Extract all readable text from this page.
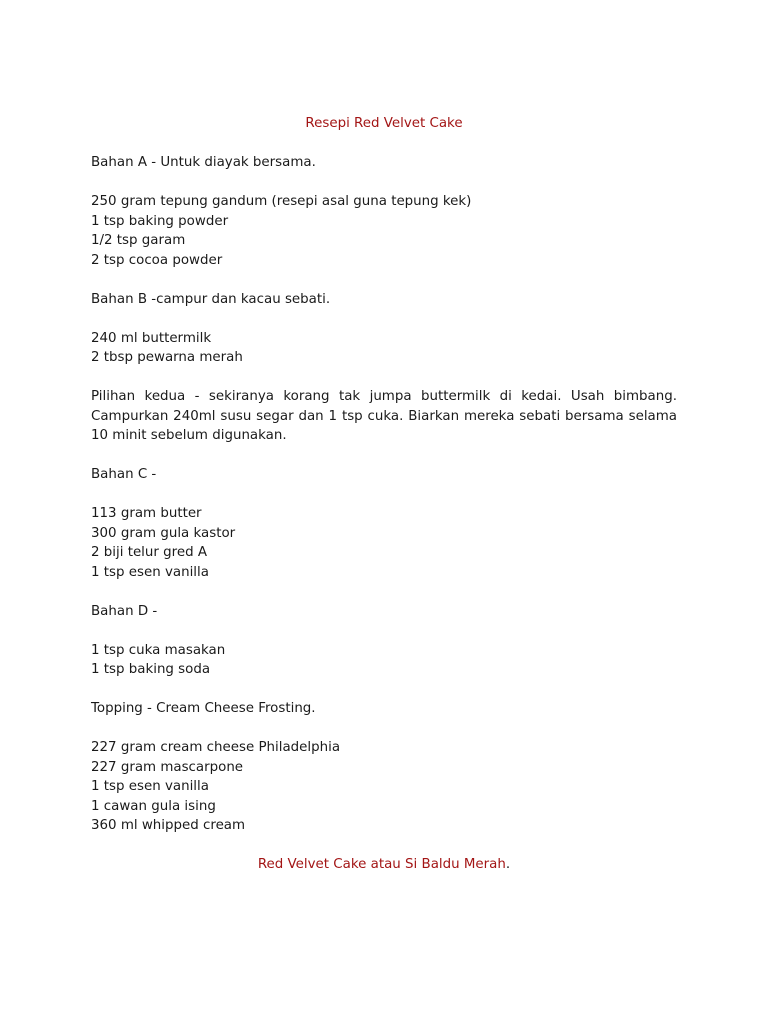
Resepi Red Velvet Cake

Bahan A - Untuk diayak bersama.

250 gram tepung gandum (resepi asal guna tepung kek)

1 tsp baking powder

1/2 tsp garam

2 tsp cocoa powder

Bahan B -campur dan kacau sebati.

240 ml buttermilk

2 tbsp pewarna merah

Pilihan kedua - sekiranya korang tak jumpa buttermilk di kedai. Usah bimbang. Campurkan 240ml susu segar dan 1 tsp cuka. Biarkan mereka sebati bersama selama 10 minit sebelum digunakan.

Bahan C -

113 gram butter

300 gram gula kastor

2 biji telur gred A

1 tsp esen vanilla

Bahan D -

1 tsp cuka masakan

1 tsp baking soda

Topping - Cream Cheese Frosting.

227 gram cream cheese Philadelphia

227 gram mascarpone

1 tsp esen vanilla

1 cawan gula ising

360 ml whipped cream

Red Velvet Cake atau Si Baldu Merah.
